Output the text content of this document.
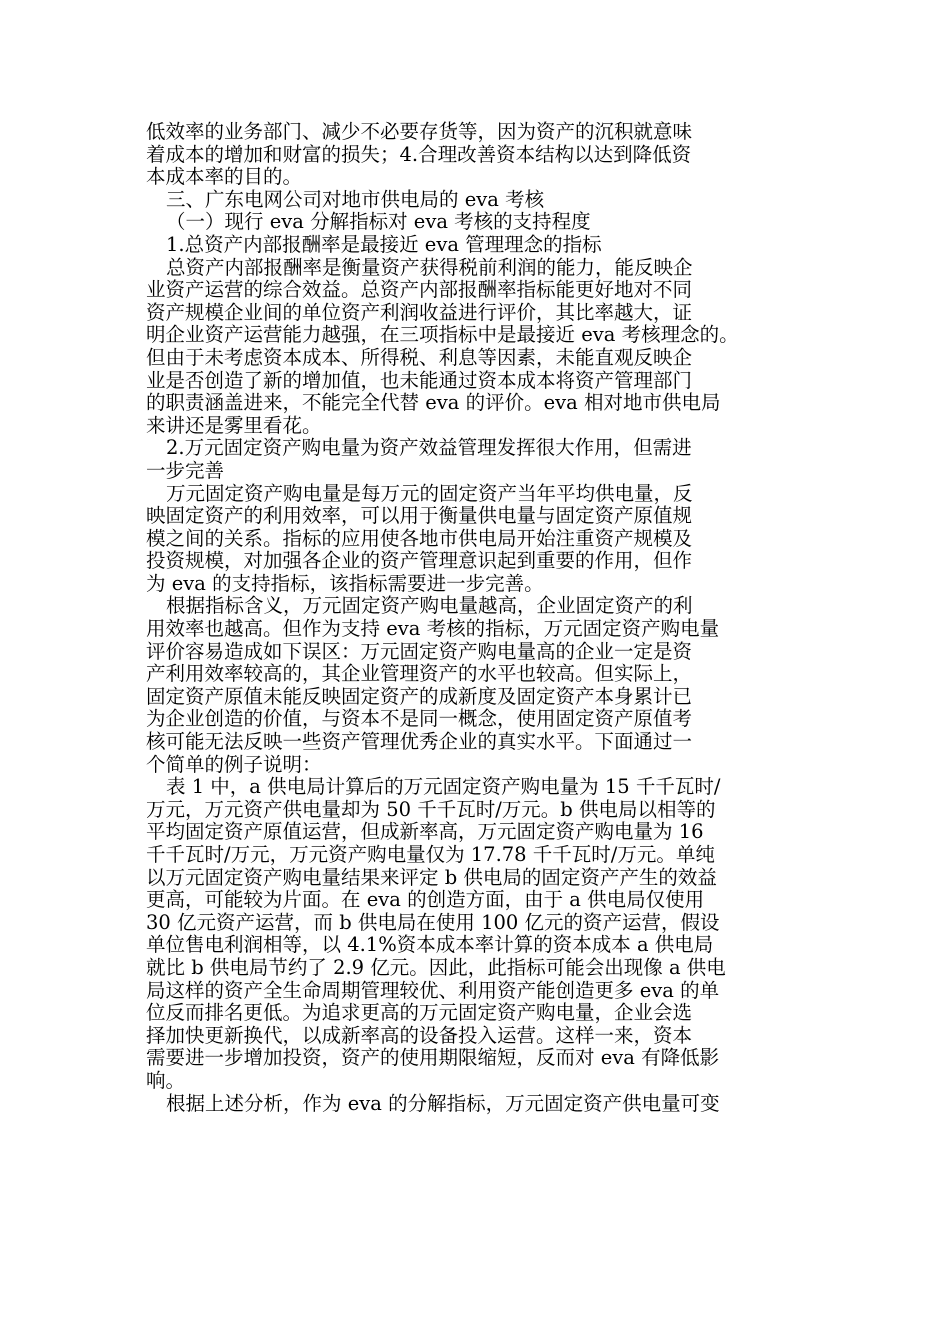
低效率的业务部门、减少不必要存货等，因为资产的沉积就意味
着成本的增加和财富的损失；4.合理改善资本结构以达到降低资
本成本率的目的。
三、广东电网公司对地市供电局的 eva 考核
（一）现行 eva 分解指标对 eva 考核的支持程度
1.总资产内部报酬率是最接近 eva 管理理念的指标
总资产内部报酬率是衡量资产获得税前利润的能力，能反映企
业资产运营的综合效益。总资产内部报酬率指标能更好地对不同
资产规模企业间的单位资产利润收益进行评价，其比率越大，证
明企业资产运营能力越强，在三项指标中是最接近 eva 考核理念的。
但由于未考虑资本成本、所得税、利息等因素，未能直观反映企
业是否创造了新的增加值，也未能通过资本成本将资产管理部门
的职责涵盖进来，不能完全代替 eva 的评价。eva 相对地市供电局
来讲还是雾里看花。
2.万元固定资产购电量为资产效益管理发挥很大作用，但需进
一步完善
万元固定资产购电量是每万元的固定资产当年平均供电量，反
映固定资产的利用效率，可以用于衡量供电量与固定资产原值规
模之间的关系。指标的应用使各地市供电局开始注重资产规模及
投资规模，对加强各企业的资产管理意识起到重要的作用，但作
为 eva 的支持指标，该指标需要进一步完善。
根据指标含义，万元固定资产购电量越高，企业固定资产的利
用效率也越高。但作为支持 eva 考核的指标，万元固定资产购电量
评价容易造成如下误区：万元固定资产购电量高的企业一定是资
产利用效率较高的，其企业管理资产的水平也较高。但实际上，
固定资产原值未能反映固定资产的成新度及固定资产本身累计已
为企业创造的价值，与资本不是同一概念，使用固定资产原值考
核可能无法反映一些资产管理优秀企业的真实水平。下面通过一
个简单的例子说明：
表 1 中，a 供电局计算后的万元固定资产购电量为 15 千千瓦时/
万元，万元资产供电量却为 50 千千瓦时/万元。b 供电局以相等的
平均固定资产原值运营，但成新率高，万元固定资产购电量为 16
千千瓦时/万元，万元资产购电量仅为 17.78 千千瓦时/万元。单纯
以万元固定资产购电量结果来评定 b 供电局的固定资产产生的效益
更高，可能较为片面。在 eva 的创造方面，由于 a 供电局仅使用
30 亿元资产运营，而 b 供电局在使用 100 亿元的资产运营，假设
单位售电利润相等，以 4.1%资本成本率计算的资本成本 a 供电局
就比 b 供电局节约了 2.9 亿元。因此，此指标可能会出现像 a 供电
局这样的资产全生命周期管理较优、利用资产能创造更多 eva 的单
位反而排名更低。为追求更高的万元固定资产购电量，企业会选
择加快更新换代，以成新率高的设备投入运营。这样一来，资本
需要进一步增加投资，资产的使用期限缩短，反而对 eva 有降低影
响。
根据上述分析，作为 eva 的分解指标，万元固定资产供电量可变
